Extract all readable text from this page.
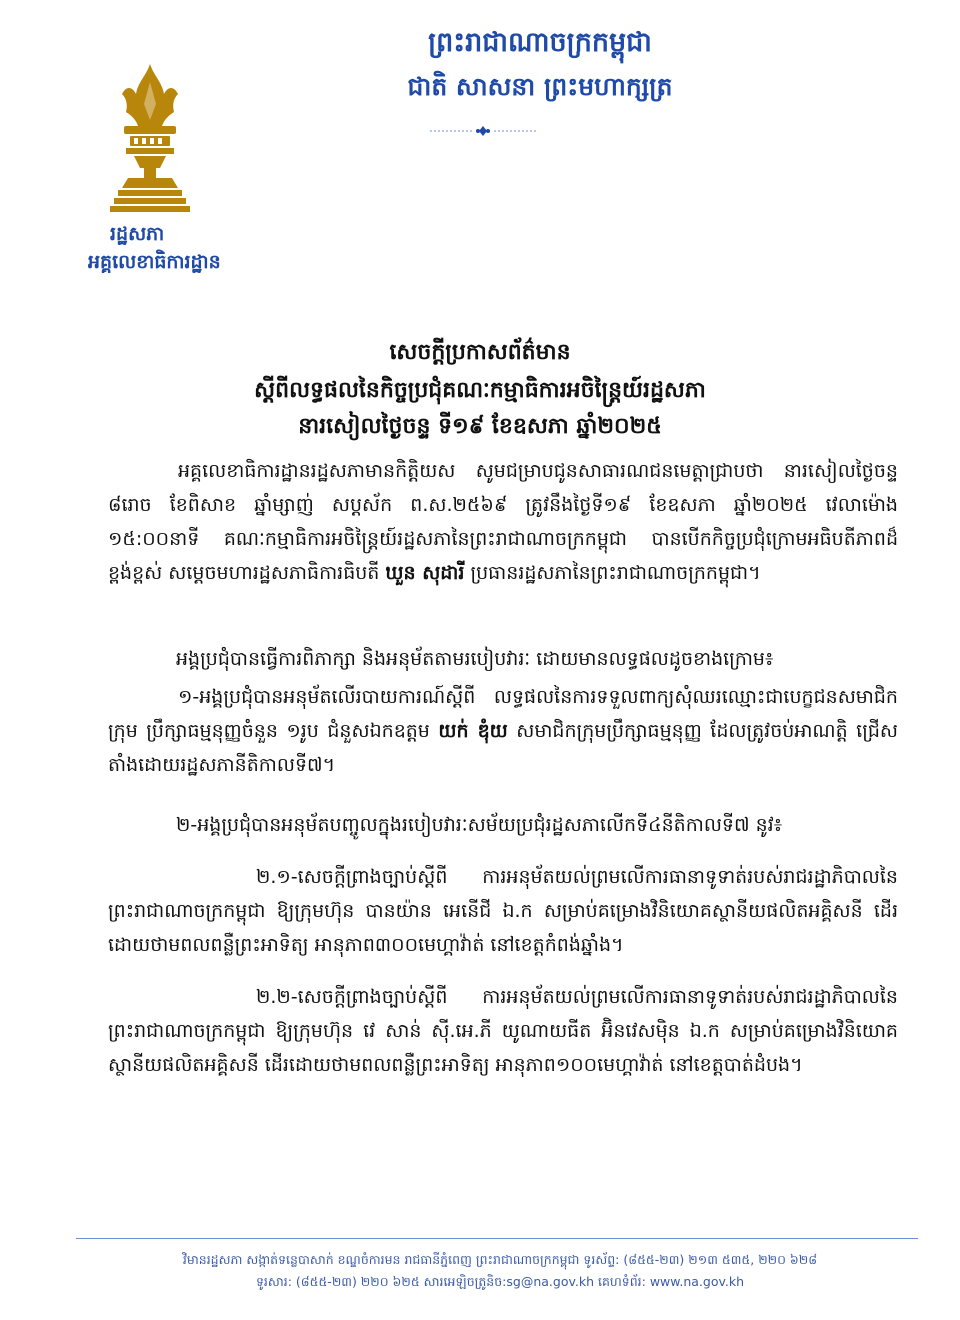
ព្រះរាជាណាចក្រកម្ពុជា
ជាតិ សាសនា ព្រះមហាក្សត្រ
រដ្ឋសភា
អគ្គលេខាធិការដ្ឋាន
សេចក្ដីប្រកាសព័ត៌មាន
ស្ដីពីលទ្ធផលនៃកិច្ចប្រជុំគណៈកម្មាធិការអចិន្ត្រៃយ៍រដ្ឋសភា
នារសៀលថ្ងៃចន្ទ ទី១៩ ខែឧសភា ឆ្នាំ២០២៥
អគ្គលេខាធិការដ្ឋានរដ្ឋសភាមានកិត្តិយស សូមជម្រាបជូនសាធារណជនមេត្តាជ្រាបថា នារសៀលថ្ងៃចន្ទ ៨រោច ខែពិសាខ ឆ្នាំម្សាញ់ សប្តស័ក ព.ស.២៥៦៩ ត្រូវនឹងថ្ងៃទី១៩ ខែឧសភា ឆ្នាំ២០២៥ វេលាម៉ោង ១៥:០០នាទី គណៈកម្មាធិការអចិន្ត្រៃយ៍រដ្ឋសភានៃព្រះរាជាណាចក្រកម្ពុជា បានបើកកិច្ចប្រជុំក្រោមអធិបតីភាពដ៏ខ្ពង់ខ្ពស់ សម្ដេចមហារដ្ឋសភាធិការធិបតី ឃួន សុដារី ប្រធានរដ្ឋសភានៃព្រះរាជាណាចក្រកម្ពុជា។
អង្គប្រជុំបានធ្វើការពិភាក្សា និងអនុម័តតាមរបៀបវារៈ ដោយមានលទ្ធផលដូចខាងក្រោម៖
១-អង្គប្រជុំបានអនុម័តលើរបាយការណ៍ស្ដីពី លទ្ធផលនៃការទទួលពាក្យសុំឈរឈ្មោះជាបេក្ខជនសមាជិកក្រុម ប្រឹក្សាធម្មនុញ្ញចំនួន ១រូប ជំនួសឯកឧត្ដម យក់ ឌុំយ សមាជិកក្រុមប្រឹក្សាធម្មនុញ្ញ ដែលត្រូវចប់អាណត្តិ ជ្រើសតាំងដោយរដ្ឋសភានីតិកាលទី៧។
២-អង្គប្រជុំបានអនុម័តបញ្ចូលក្នុងរបៀបវារៈសម័យប្រជុំរដ្ឋសភាលើកទី៤នីតិកាលទី៧ នូវ៖
២.១-សេចក្ដីព្រាងច្បាប់ស្ដីពី ការអនុម័តយល់ព្រមលើការធានាទូទាត់របស់រាជរដ្ឋាភិបាលនៃព្រះរាជាណាចក្រកម្ពុជា ឱ្យក្រុមហ៊ុន បានយ៉ាន អេនើជី ឯ.ក សម្រាប់គម្រោងវិនិយោគស្ថានីយផលិតអគ្គិសនី ដើរដោយថាមពលពន្លឺព្រះអាទិត្យ អានុភាព៣០០មេហ្គាវ៉ាត់ នៅខេត្តកំពង់ឆ្នាំង។
២.២-សេចក្ដីព្រាងច្បាប់ស្ដីពី ការអនុម័តយល់ព្រមលើការធានាទូទាត់របស់រាជរដ្ឋាភិបាលនៃព្រះរាជាណាចក្រកម្ពុជា ឱ្យក្រុមហ៊ុន វេ សាន់ ស៊ី.អេ.ភី យូណាយធីត អ៊ិនវេសម៉ិន ឯ.ក សម្រាប់គម្រោងវិនិយោគស្ថានីយផលិតអគ្គិសនី ដើរដោយថាមពលពន្លឺព្រះអាទិត្យ អានុភាព១០០មេហ្គាវ៉ាត់ នៅខេត្តបាត់ដំបង។
វិមានរដ្ឋសភា សង្កាត់ទន្លេបាសាក់ ខណ្ឌចំការមន រាជធានីភ្នំពេញ ព្រះរាជាណាចក្រកម្ពុជា ទូរស័ព្ទ: (៨៥៥-២៣) ២១៣ ៥៣៥, ២២០ ៦២៨
ទូរសារ: (៨៥៥-២៣) ២២០ ៦២៥ សារអេឡិចត្រូនិច:sg@na.gov.kh គេហទំព័រ: www.na.gov.kh
